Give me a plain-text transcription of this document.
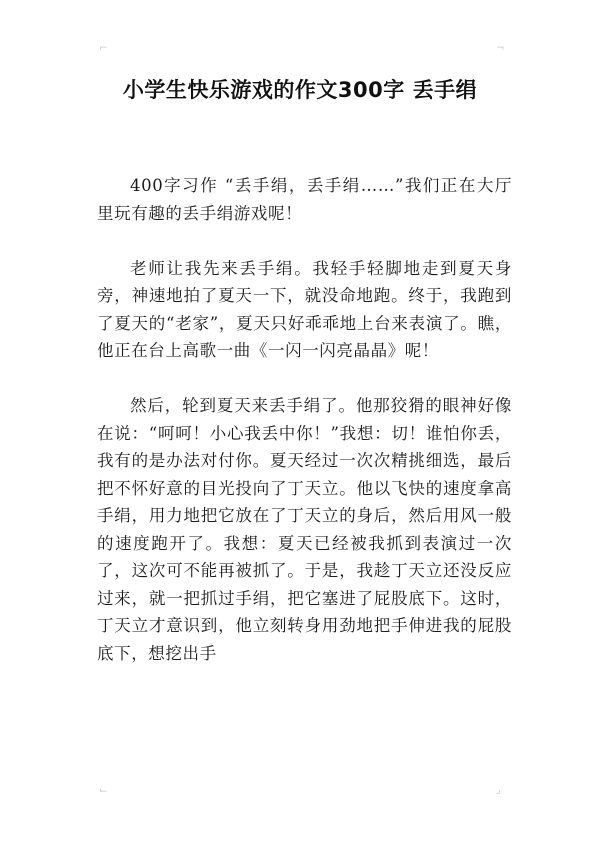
⌐	¬
⌙	⌟
小学生快乐游戏的作文300字 丢手绢

400字习作 “丢手绢，丢手绢……”我们正在大厅里玩有趣的丢手绢游戏呢！

老师让我先来丢手绢。我轻手轻脚地走到夏天身旁，神速地拍了夏天一下，就没命地跑。终于，我跑到了夏天的“老家”，夏天只好乖乖地上台来表演了。瞧，他正在台上高歌一曲《一闪一闪亮晶晶》呢！

然后，轮到夏天来丢手绢了。他那狡猾的眼神好像在说：“呵呵！小心我丢中你！”我想：切！谁怕你丢，我有的是办法对付你。夏天经过一次次精挑细选，最后把不怀好意的目光投向了丁天立。他以飞快的速度拿高手绢，用力地把它放在了丁天立的身后，然后用风一般的速度跑开了。我想：夏天已经被我抓到表演过一次了，这次可不能再被抓了。于是，我趁丁天立还没反应过来，就一把抓过手绢，把它塞进了屁股底下。这时，丁天立才意识到，他立刻转身用劲地把手伸进我的屁股底下，想挖出手
